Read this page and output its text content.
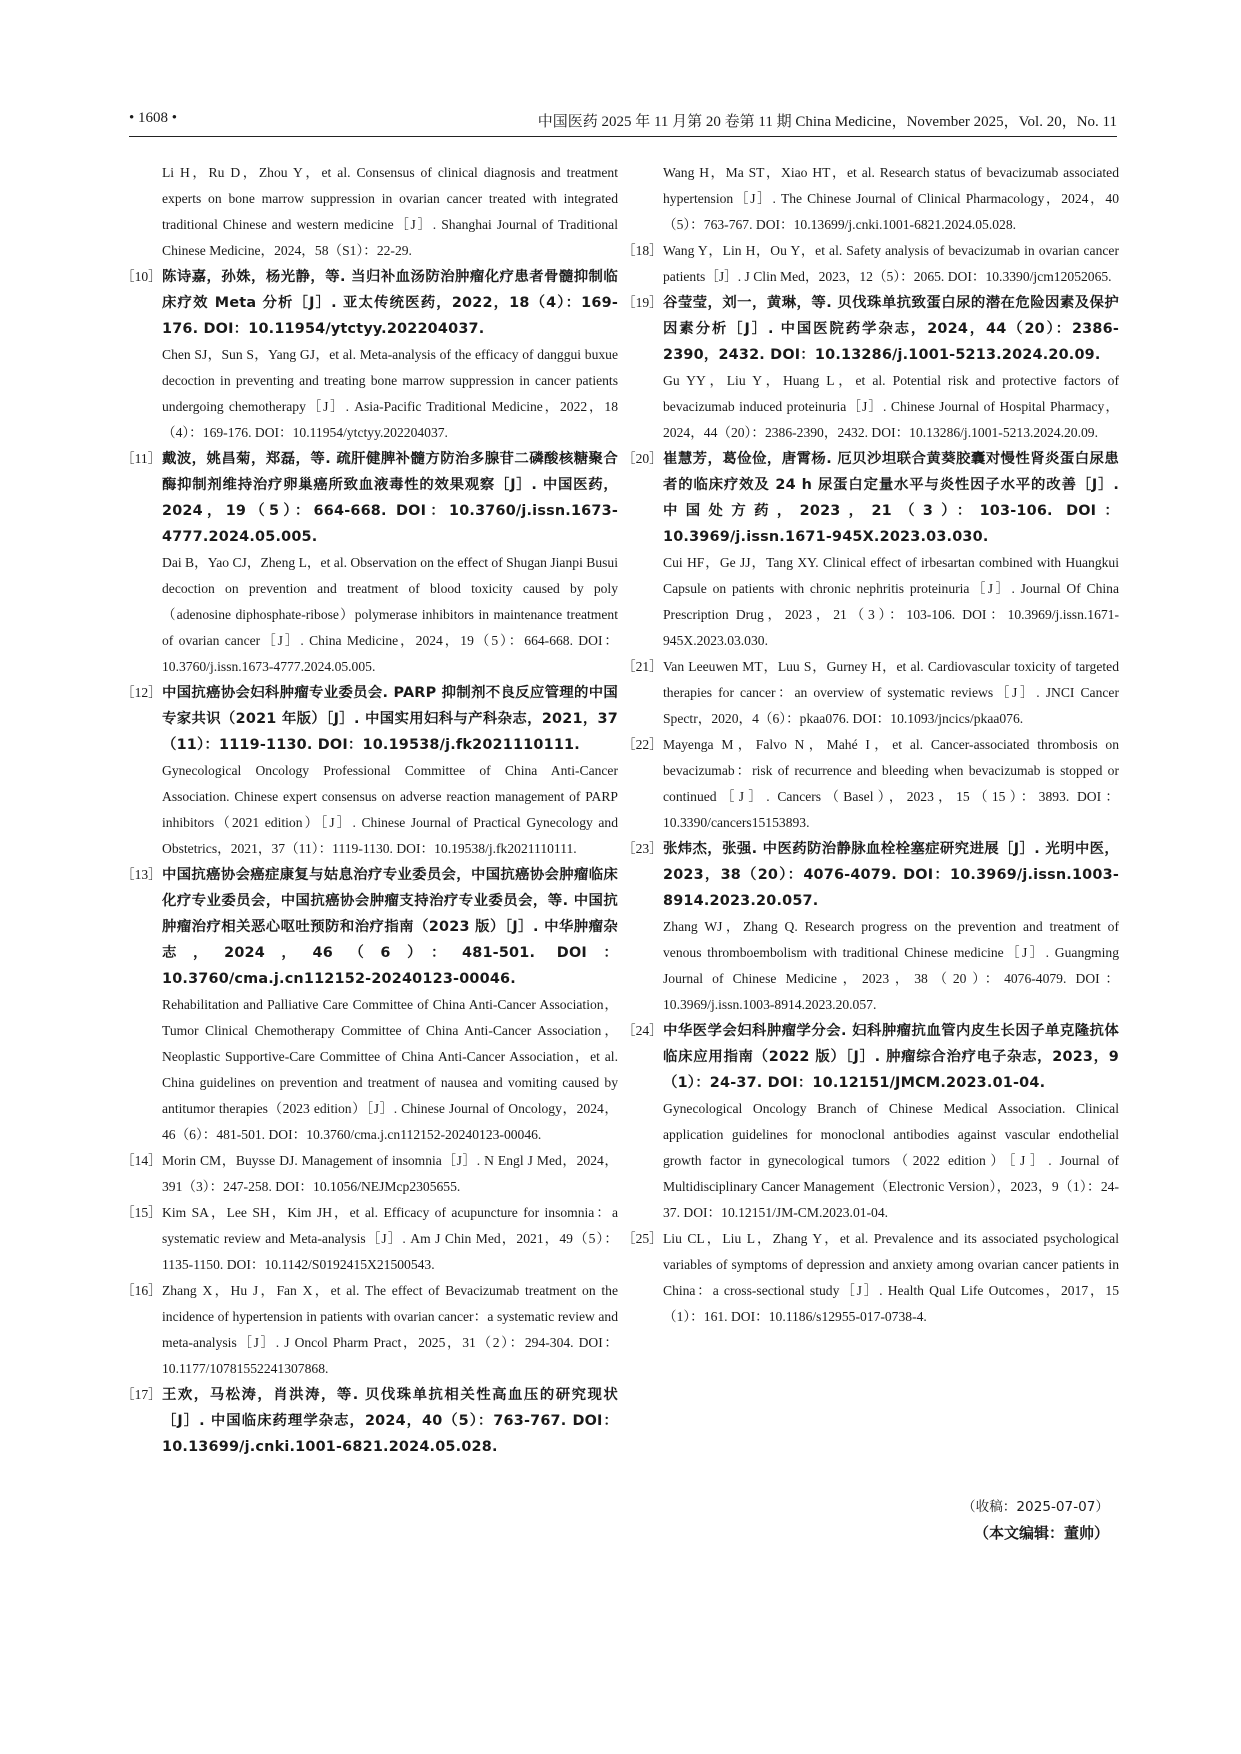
• 1608 •	中国医药 2025 年 11 月第 20 卷第 11 期 China Medicine，November 2025，Vol. 20，No. 11
Li H，Ru D，Zhou Y，et al. Consensus of clinical diagnosis and treatment experts on bone marrow suppression in ovarian cancer treated with integrated traditional Chinese and western medicine［J］. Shanghai Journal of Traditional Chinese Medicine，2024，58（S1）：22-29.
［10］ 陈诗嘉，孙姝，杨光静，等. 当归补血汤防治肿瘤化疗患者骨髓抑制临床疗效 Meta 分析［J］. 亚太传统医药，2022，18（4）：169-176. DOI：10.11954/ytctyy.202204037.
Chen SJ，Sun S，Yang GJ，et al. Meta-analysis of the efficacy of danggui buxue decoction in preventing and treating bone marrow suppression in cancer patients undergoing chemotherapy［J］. Asia-Pacific Traditional Medicine，2022，18（4）：169-176. DOI：10.11954/ytctyy.202204037.
［11］ 戴波，姚昌菊，郑磊，等. 疏肝健脾补髓方防治多腺苷二磷酸核糖聚合酶抑制剂维持治疗卵巢癌所致血液毒性的效果观察［J］. 中国医药，2024，19（5）：664-668. DOI：10.3760/j.issn.1673-4777.2024.05.005.
Dai B，Yao CJ，Zheng L，et al. Observation on the effect of Shugan Jianpi Busui decoction on prevention and treatment of blood toxicity caused by poly（adenosine diphosphate-ribose）polymerase inhibitors in maintenance treatment of ovarian cancer［J］. China Medicine，2024，19（5）：664-668. DOI：10.3760/j.issn.1673-4777.2024.05.005.
［12］ 中国抗癌协会妇科肿瘤专业委员会. PARP 抑制剂不良反应管理的中国专家共识（2021 年版）［J］. 中国实用妇科与产科杂志，2021，37（11）：1119-1130. DOI：10.19538/j.fk2021110111.
Gynecological Oncology Professional Committee of China Anti-Cancer Association. Chinese expert consensus on adverse reaction management of PARP inhibitors（2021 edition）［J］. Chinese Journal of Practical Gynecology and Obstetrics，2021，37（11）：1119-1130. DOI：10.19538/j.fk2021110111.
［13］ 中国抗癌协会癌症康复与姑息治疗专业委员会，中国抗癌协会肿瘤临床化疗专业委员会，中国抗癌协会肿瘤支持治疗专业委员会，等. 中国抗肿瘤治疗相关恶心呕吐预防和治疗指南（2023 版）［J］. 中华肿瘤杂志，2024，46（6）：481-501. DOI：10.3760/cma.j.cn112152-20240123-00046.
Rehabilitation and Palliative Care Committee of China Anti-Cancer Association，Tumor Clinical Chemotherapy Committee of China Anti-Cancer Association，Neoplastic Supportive-Care Committee of China Anti-Cancer Association，et al. China guidelines on prevention and treatment of nausea and vomiting caused by antitumor therapies（2023 edition）［J］. Chinese Journal of Oncology，2024，46（6）：481-501. DOI：10.3760/cma.j.cn112152-20240123-00046.
［14］ Morin CM，Buysse DJ. Management of insomnia［J］. N Engl J Med，2024，391（3）：247-258. DOI：10.1056/NEJMcp2305655.
［15］ Kim SA，Lee SH，Kim JH，et al. Efficacy of acupuncture for insomnia：a systematic review and Meta-analysis［J］. Am J Chin Med，2021，49（5）：1135-1150. DOI：10.1142/S0192415X21500543.
［16］ Zhang X，Hu J，Fan X，et al. The effect of Bevacizumab treatment on the incidence of hypertension in patients with ovarian cancer：a systematic review and meta-analysis［J］. J Oncol Pharm Pract，2025，31（2）：294-304. DOI：10.1177/10781552241307868.
［17］ 王欢，马松涛，肖洪涛，等. 贝伐珠单抗相关性高血压的研究现状［J］. 中国临床药理学杂志，2024，40（5）：763-767. DOI：10.13699/j.cnki.1001-6821.2024.05.028.
Wang H，Ma ST，Xiao HT，et al. Research status of bevacizumab associated hypertension［J］. The Chinese Journal of Clinical Pharmacology，2024，40（5）：763-767. DOI：10.13699/j.cnki.1001-6821.2024.05.028.
［18］ Wang Y，Lin H，Ou Y，et al. Safety analysis of bevacizumab in ovarian cancer patients［J］. J Clin Med，2023，12（5）：2065. DOI：10.3390/jcm12052065.
［19］ 谷莹莹，刘一，黄琳，等. 贝伐珠单抗致蛋白尿的潜在危险因素及保护因素分析［J］. 中国医院药学杂志，2024，44（20）：2386-2390，2432. DOI：10.13286/j.1001-5213.2024.20.09.
Gu YY，Liu Y，Huang L，et al. Potential risk and protective factors of bevacizumab induced proteinuria［J］. Chinese Journal of Hospital Pharmacy，2024，44（20）：2386-2390，2432. DOI：10.13286/j.1001-5213.2024.20.09.
［20］ 崔慧芳，葛俭俭，唐霄杨. 厄贝沙坦联合黄葵胶囊对慢性肾炎蛋白尿患者的临床疗效及 24 h 尿蛋白定量水平与炎性因子水平的改善［J］. 中国处方药，2023，21（3）：103-106. DOI：10.3969/j.issn.1671-945X.2023.03.030.
Cui HF，Ge JJ，Tang XY. Clinical effect of irbesartan combined with Huangkui Capsule on patients with chronic nephritis proteinuria［J］. Journal Of China Prescription Drug，2023，21（3）：103-106. DOI：10.3969/j.issn.1671-945X.2023.03.030.
［21］ Van Leeuwen MT，Luu S，Gurney H，et al. Cardiovascular toxicity of targeted therapies for cancer：an overview of systematic reviews［J］. JNCI Cancer Spectr，2020，4（6）：pkaa076. DOI：10.1093/jncics/pkaa076.
［22］ Mayenga M，Falvo N，Mahé I，et al. Cancer-associated thrombosis on bevacizumab：risk of recurrence and bleeding when bevacizumab is stopped or continued［J］. Cancers（Basel），2023，15（15）：3893. DOI：10.3390/cancers15153893.
［23］ 张炜杰，张强. 中医药防治静脉血栓栓塞症研究进展［J］. 光明中医，2023，38（20）：4076-4079. DOI：10.3969/j.issn.1003-8914.2023.20.057.
Zhang WJ，Zhang Q. Research progress on the prevention and treatment of venous thromboembolism with traditional Chinese medicine［J］. Guangming Journal of Chinese Medicine，2023，38（20）：4076-4079. DOI：10.3969/j.issn.1003-8914.2023.20.057.
［24］ 中华医学会妇科肿瘤学分会. 妇科肿瘤抗血管内皮生长因子单克隆抗体临床应用指南（2022 版）［J］. 肿瘤综合治疗电子杂志，2023，9（1）：24-37. DOI：10.12151/JMCM.2023.01-04.
Gynecological Oncology Branch of Chinese Medical Association. Clinical application guidelines for monoclonal antibodies against vascular endothelial growth factor in gynecological tumors（2022 edition）［J］. Journal of Multidisciplinary Cancer Management（Electronic Version），2023，9（1）：24-37. DOI：10.12151/JM-CM.2023.01-04.
［25］ Liu CL，Liu L，Zhang Y，et al. Prevalence and its associated psychological variables of symptoms of depression and anxiety among ovarian cancer patients in China：a cross-sectional study［J］. Health Qual Life Outcomes，2017，15（1）：161. DOI：10.1186/s12955-017-0738-4.
（收稿：2025-07-07）
（本文编辑：董帅）
